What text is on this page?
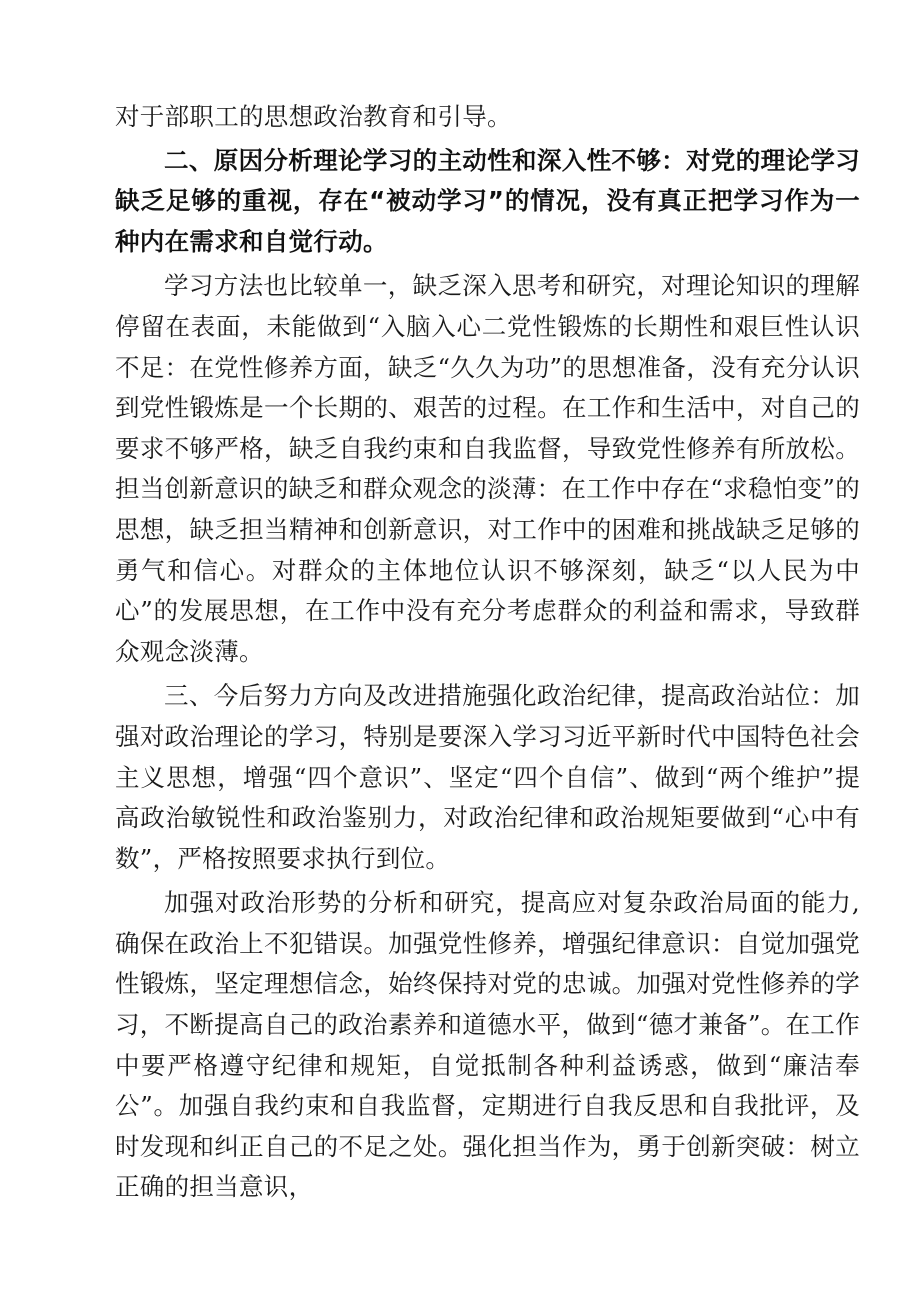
对于部职工的思想政治教育和引导。

二、原因分析理论学习的主动性和深入性不够：对党的理论学习缺乏足够的重视，存在“被动学习”的情况，没有真正把学习作为一种内在需求和自觉行动。

学习方法也比较单一，缺乏深入思考和研究，对理论知识的理解停留在表面，未能做到“入脑入心二党性锻炼的长期性和艰巨性认识不足：在党性修养方面，缺乏“久久为功”的思想准备，没有充分认识到党性锻炼是一个长期的、艰苦的过程。在工作和生活中，对自己的要求不够严格，缺乏自我约束和自我监督，导致党性修养有所放松。担当创新意识的缺乏和群众观念的淡薄：在工作中存在“求稳怕变”的思想，缺乏担当精神和创新意识，对工作中的困难和挑战缺乏足够的勇气和信心。对群众的主体地位认识不够深刻，缺乏“以人民为中心”的发展思想，在工作中没有充分考虑群众的利益和需求，导致群众观念淡薄。

三、今后努力方向及改进措施强化政治纪律，提高政治站位：加强对政治理论的学习，特别是要深入学习习近平新时代中国特色社会主义思想，增强“四个意识”、坚定“四个自信”、做到“两个维护”提高政治敏锐性和政治鉴别力，对政治纪律和政治规矩要做到“心中有数”，严格按照要求执行到位。

加强对政治形势的分析和研究，提高应对复杂政治局面的能力,确保在政治上不犯错误。加强党性修养，增强纪律意识：自觉加强党性锻炼，坚定理想信念，始终保持对党的忠诚。加强对党性修养的学习，不断提高自己的政治素养和道德水平，做到“德才兼备”。在工作中要严格遵守纪律和规矩，自觉抵制各种利益诱惑，做到“廉洁奉公”。加强自我约束和自我监督，定期进行自我反思和自我批评，及时发现和纠正自己的不足之处。强化担当作为，勇于创新突破：树立正确的担当意识，
